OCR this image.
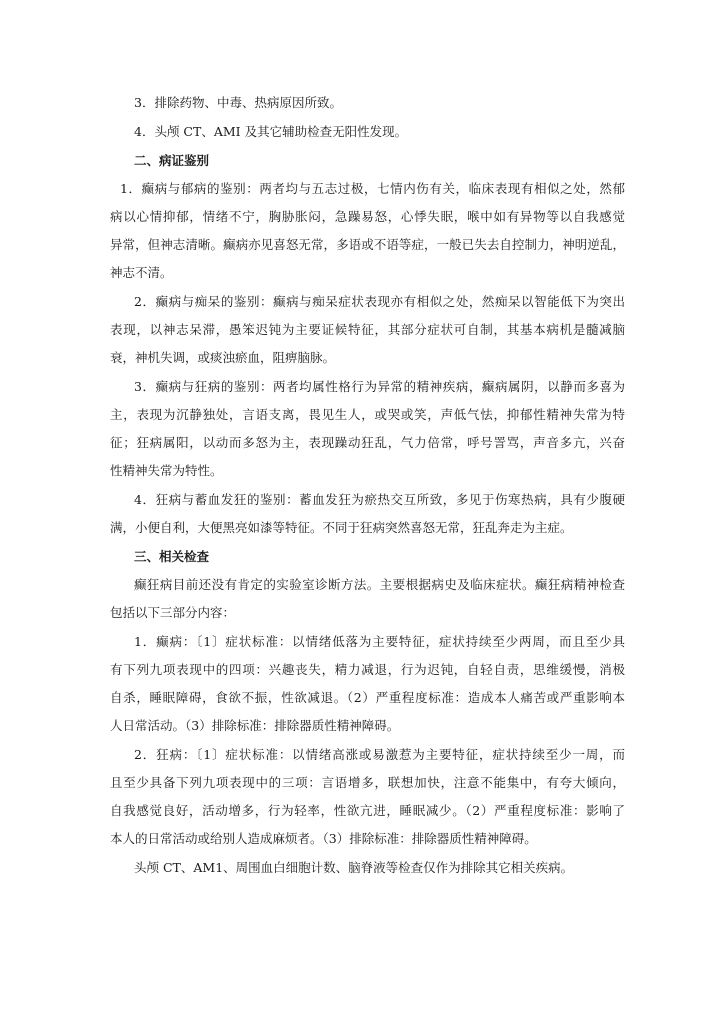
3．排除药物、中毒、热病原因所致。
4．头颅 CT、AMI 及其它辅助检查无阳性发现。
二、病证鉴别
1．癫病与郁病的鉴别：两者均与五志过极，七情内伤有关，临床表现有相似之处，然郁
病以心情抑郁，情绪不宁，胸胁胀闷，急躁易怒，心悸失眠，喉中如有异物等以自我感觉
异常，但神志清晰。癫病亦见喜怒无常，多语或不语等症，一般已失去自控制力，神明逆乱，
神志不清。
2．癫病与痴呆的鉴别：癫病与痴呆症状表现亦有相似之处，然痴呆以智能低下为突出
表现，以神志呆滞，愚笨迟钝为主要证候特征，其部分症状可自制，其基本病机是髓减脑
衰，神机失调，或痰浊瘀血，阻痹脑脉。
3．癫病与狂病的鉴别：两者均属性格行为异常的精神疾病，癫病属阴，以静而多喜为
主，表现为沉静独处，言语支离，畏见生人，或哭或笑，声低气怯，抑郁性精神失常为特
征；狂病属阳，以动而多怒为主，表现躁动狂乱，气力倍常，呼号詈骂，声音多亢，兴奋
性精神失常为特性。
4．狂病与蓄血发狂的鉴别：蓄血发狂为瘀热交互所致，多见于伤寒热病，具有少腹硬
满，小便自利，大便黑亮如漆等特征。不同于狂病突然喜怒无常，狂乱奔走为主症。
三、相关检查
癫狂病目前还没有肯定的实验室诊断方法。主要根据病史及临床症状。癫狂病精神检查
包括以下三部分内容：
1．癫病：〔1〕症状标准：以情绪低落为主要特征，症状持续至少两周，而且至少具
有下列九项表现中的四项：兴趣丧失，精力减退，行为迟钝，自轻自责，思维缓慢，消极
自杀，睡眠障碍，食欲不振，性欲减退。（2）严重程度标准：造成本人痛苦或严重影响本
人日常活动。（3）排除标准：排除器质性精神障碍。
2．狂病：〔1〕症状标准：以情绪高涨或易激惹为主要特征，症状持续至少一周，而
且至少具备下列九项表现中的三项：言语增多，联想加快，注意不能集中，有夸大倾向，
自我感觉良好，活动增多，行为轻率，性欲亢进，睡眠减少。（2）严重程度标准：影响了
本人的日常活动或给别人造成麻烦者。（3）排除标准：排除器质性精神障碍。
头颅 CT、AM1、周围血白细胞计数、脑脊液等检查仅作为排除其它相关疾病。
